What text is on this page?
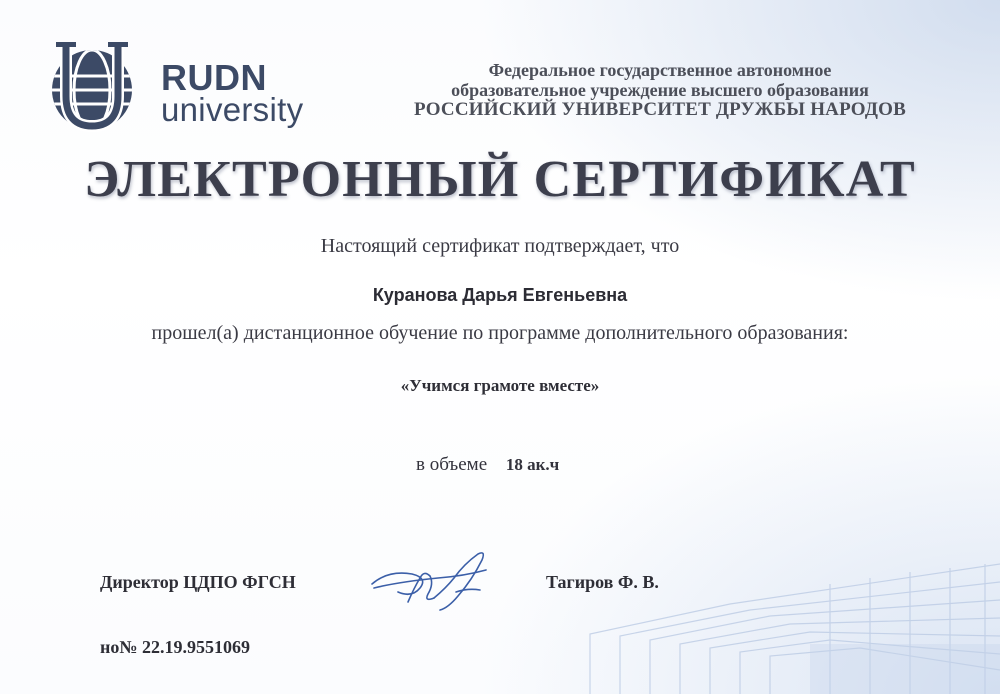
RUDN
university
Федеральное государственное автономное
образовательное учреждение высшего образования
РОССИЙСКИЙ УНИВЕРСИТЕТ ДРУЖБЫ НАРОДОВ
ЭЛЕКТРОННЫЙ СЕРТИФИКАТ
Настоящий сертификат подтверждает, что
Куранова Дарья Евгеньевна
прошел(а) дистанционное обучение по программе дополнительного образования:
«Учимся грамоте вместе»
в объеме 18 ак.ч
Директор ЦДПО ФГСН	Тагиров Ф. В.
но№ 22.19.9551069
